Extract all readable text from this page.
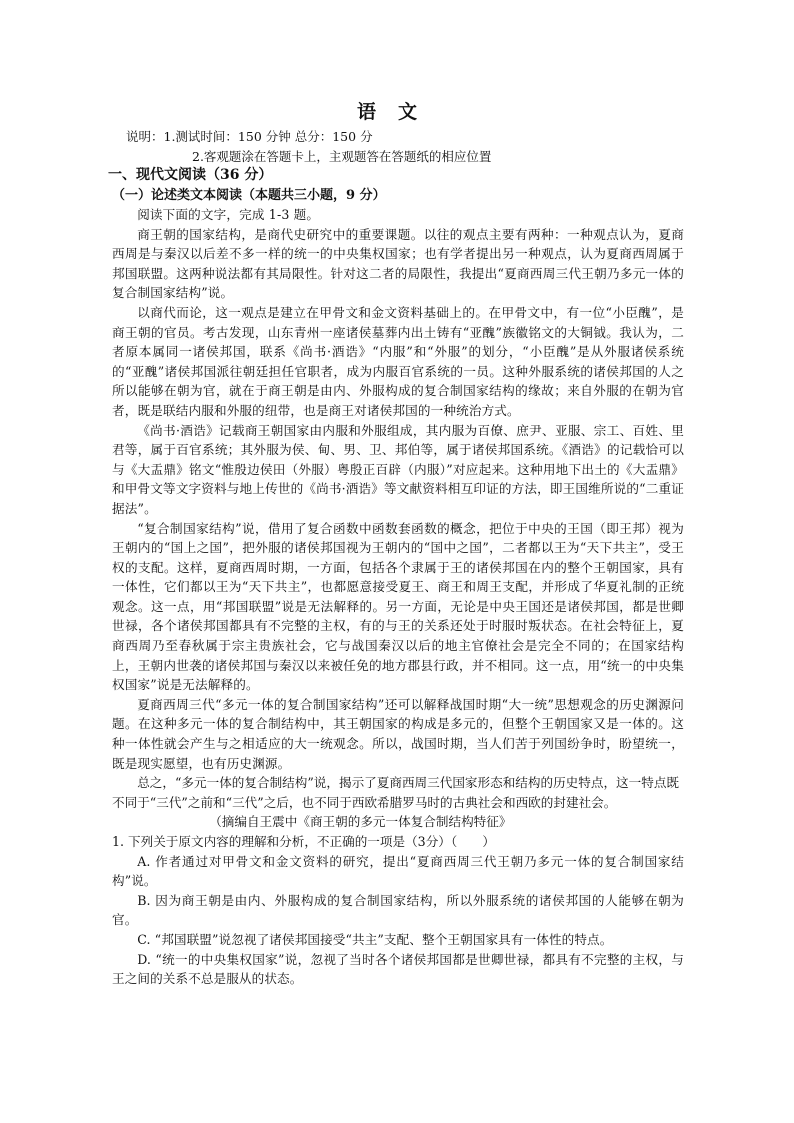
语文
说明：1.测试时间：150 分钟 总分：150 分
2.客观题涂在答题卡上，主观题答在答题纸的相应位置
一、现代文阅读（36 分）
（一）论述类文本阅读（本题共三小题，9 分）

阅读下面的文字，完成 1-3 题。

商王朝的国家结构，是商代史研究中的重要课题。以往的观点主要有两种：一种观点认为，夏商西周是与秦汉以后差不多一样的统一的中央集权国家；也有学者提出另一种观点，认为夏商西周属于邦国联盟。这两种说法都有其局限性。针对这二者的局限性，我提出“夏商西周三代王朝乃多元一体的复合制国家结构”说。

以商代而论，这一观点是建立在甲骨文和金文资料基础上的。在甲骨文中，有一位“小臣醜”，是商王朝的官员。考古发现，山东青州一座诸侯墓葬内出土铸有“亚醜”族徽铭文的大铜钺。我认为，二者原本属同一诸侯邦国，联系《尚书·酒诰》“内服”和“外服”的划分，“小臣醜”是从外服诸侯系统的“亚醜”诸侯邦国派往朝廷担任官职者，成为内服百官系统的一员。这种外服系统的诸侯邦国的人之所以能够在朝为官，就在于商王朝是由内、外服构成的复合制国家结构的缘故；来自外服的在朝为官者，既是联结内服和外服的纽带，也是商王对诸侯邦国的一种统治方式。

《尚书·酒诰》记载商王朝国家由内服和外服组成，其内服为百僚、庶尹、亚服、宗工、百姓、里君等，属于百官系统；其外服为侯、甸、男、卫、邦伯等，属于诸侯邦国系统。《酒诰》的记载恰可以与《大盂鼎》铭文“惟殷边侯田（外服）粤殷正百辟（内服）”对应起来。这种用地下出土的《大盂鼎》和甲骨文等文字资料与地上传世的《尚书·酒诰》等文献资料相互印证的方法，即王国维所说的“二重证据法”。

“复合制国家结构”说，借用了复合函数中函数套函数的概念，把位于中央的王国（即王邦）视为王朝内的“国上之国”，把外服的诸侯邦国视为王朝内的“国中之国”，二者都以王为“天下共主”，受王权的支配。这样，夏商西周时期，一方面，包括各个隶属于王的诸侯邦国在内的整个王朝国家，具有一体性，它们都以王为“天下共主”，也都愿意接受夏王、商王和周王支配，并形成了华夏礼制的正统观念。这一点，用“邦国联盟”说是无法解释的。另一方面，无论是中央王国还是诸侯邦国，都是世卿世禄，各个诸侯邦国都具有不完整的主权，有的与王的关系还处于时服时叛状态。在社会特征上，夏商西周乃至春秋属于宗主贵族社会，它与战国秦汉以后的地主官僚社会是完全不同的；在国家结构上，王朝内世袭的诸侯邦国与秦汉以来被任免的地方郡县行政，并不相同。这一点，用“统一的中央集权国家”说是无法解释的。

夏商西周三代“多元一体的复合制国家结构”还可以解释战国时期“大一统”思想观念的历史渊源问题。在这种多元一体的复合制结构中，其王朝国家的构成是多元的，但整个王朝国家又是一体的。这种一体性就会产生与之相适应的大一统观念。所以，战国时期，当人们苦于列国纷争时，盼望统一，既是现实愿望，也有历史渊源。

总之，“多元一体的复合制结构”说，揭示了夏商西周三代国家形态和结构的历史特点，这一特点既不同于“三代”之前和“三代”之后，也不同于西欧希腊罗马时的古典社会和西欧的封建社会。（摘编自王震中《商王朝的多元一体复合制结构特征》

1. 下列关于原文内容的理解和分析，不正确的一项是（3分）（　　）

A. 作者通过对甲骨文和金文资料的研究，提出“夏商西周三代王朝乃多元一体的复合制国家结构”说。

B. 因为商王朝是由内、外服构成的复合制国家结构，所以外服系统的诸侯邦国的人能够在朝为官。

C. “邦国联盟”说忽视了诸侯邦国接受“共主”支配、整个王朝国家具有一体性的特点。

D. “统一的中央集权国家”说，忽视了当时各个诸侯邦国都是世卿世禄，都具有不完整的主权，与王之间的关系不总是服从的状态。
